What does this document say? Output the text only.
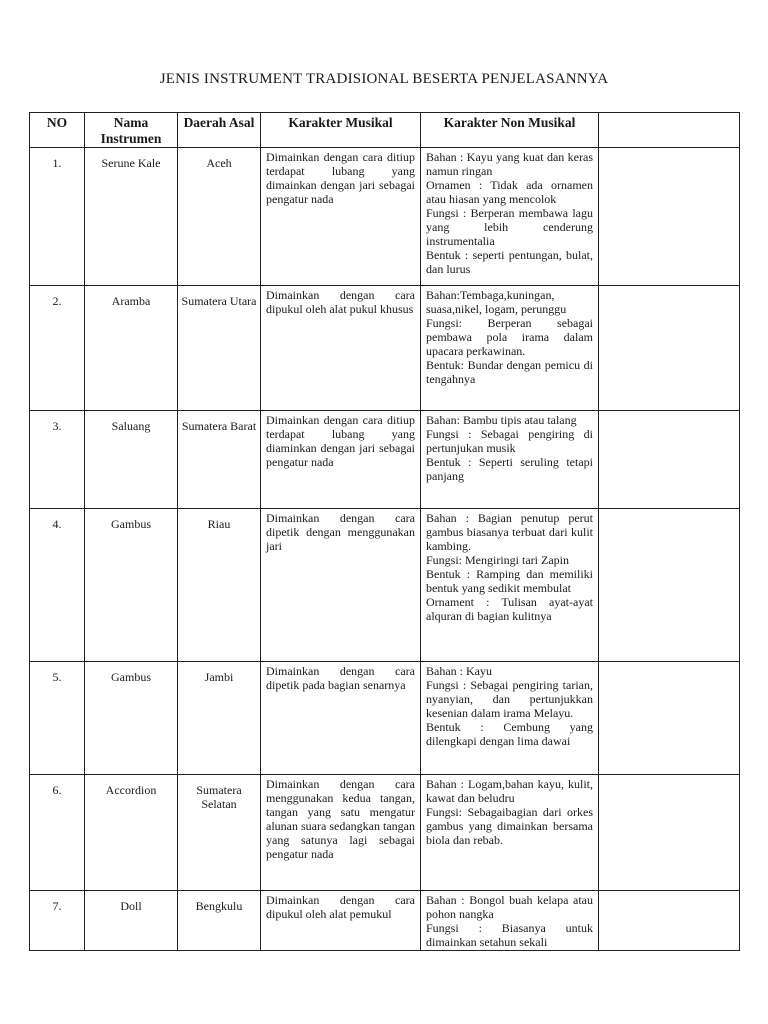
JENIS INSTRUMENT TRADISIONAL BESERTA PENJELASANNYA
NO	Nama Instrumen	Daerah Asal	Karakter Musikal	Karakter Non Musikal	
1.	Serune Kale	Aceh	Dimainkan dengan cara ditiup terdapat lubang yang dimainkan dengan jari sebagai pengatur nada	Bahan : Kayu yang kuat dan keras namun ringan
Ornamen : Tidak ada ornamen atau hiasan yang mencolok
Fungsi : Berperan membawa lagu yang lebih cenderung instrumentalia
Bentuk : seperti pentungan, bulat, dan lurus	

2.	Aramba	Sumatera Utara	Dimainkan dengan cara dipukul oleh alat pukul khusus	Bahan:Tembaga,kuningan, suasa,nikel, logam, perunggu
Fungsi: Berperan sebagai pembawa pola irama dalam upacara perkawinan.
Bentuk: Bundar dengan pemicu di tengahnya	

3.	Saluang	Sumatera Barat	Dimainkan dengan cara ditiup terdapat lubang yang diaminkan dengan jari sebagai pengatur nada	Bahan: Bambu tipis atau talang
Fungsi : Sebagai pengiring di pertunjukan musik
Bentuk : Seperti seruling tetapi panjang	

4.	Gambus	Riau	Dimainkan dengan cara dipetik dengan menggunakan jari	Bahan : Bagian penutup perut gambus biasanya terbuat dari kulit kambing.
Fungsi: Mengiringi tari Zapin
Bentuk : Ramping dan memiliki bentuk yang sedikit membulat
Ornament : Tulisan ayat-ayat alquran di bagian kulitnya	

5.	Gambus	Jambi	Dimainkan dengan cara dipetik pada bagian senarnya	Bahan : Kayu
Fungsi : Sebagai pengiring tarian, nyanyian, dan pertunjukkan kesenian dalam irama Melayu.
Bentuk : Cembung yang dilengkapi dengan lima dawai	

6.	Accordion	Sumatera Selatan	Dimainkan dengan cara menggunakan kedua tangan, tangan yang satu mengatur alunan suara sedangkan tangan yang satunya lagi sebagai pengatur nada	Bahan : Logam,bahan kayu, kulit, kawat dan beludru
Fungsi: Sebagaibagian dari orkes gambus yang dimainkan bersama biola dan rebab.	

7.	Doll	Bengkulu	Dimainkan dengan cara dipukul oleh alat pemukul	Bahan : Bongol buah kelapa atau pohon nangka
Fungsi : Biasanya untuk dimainkan setahun sekali	
